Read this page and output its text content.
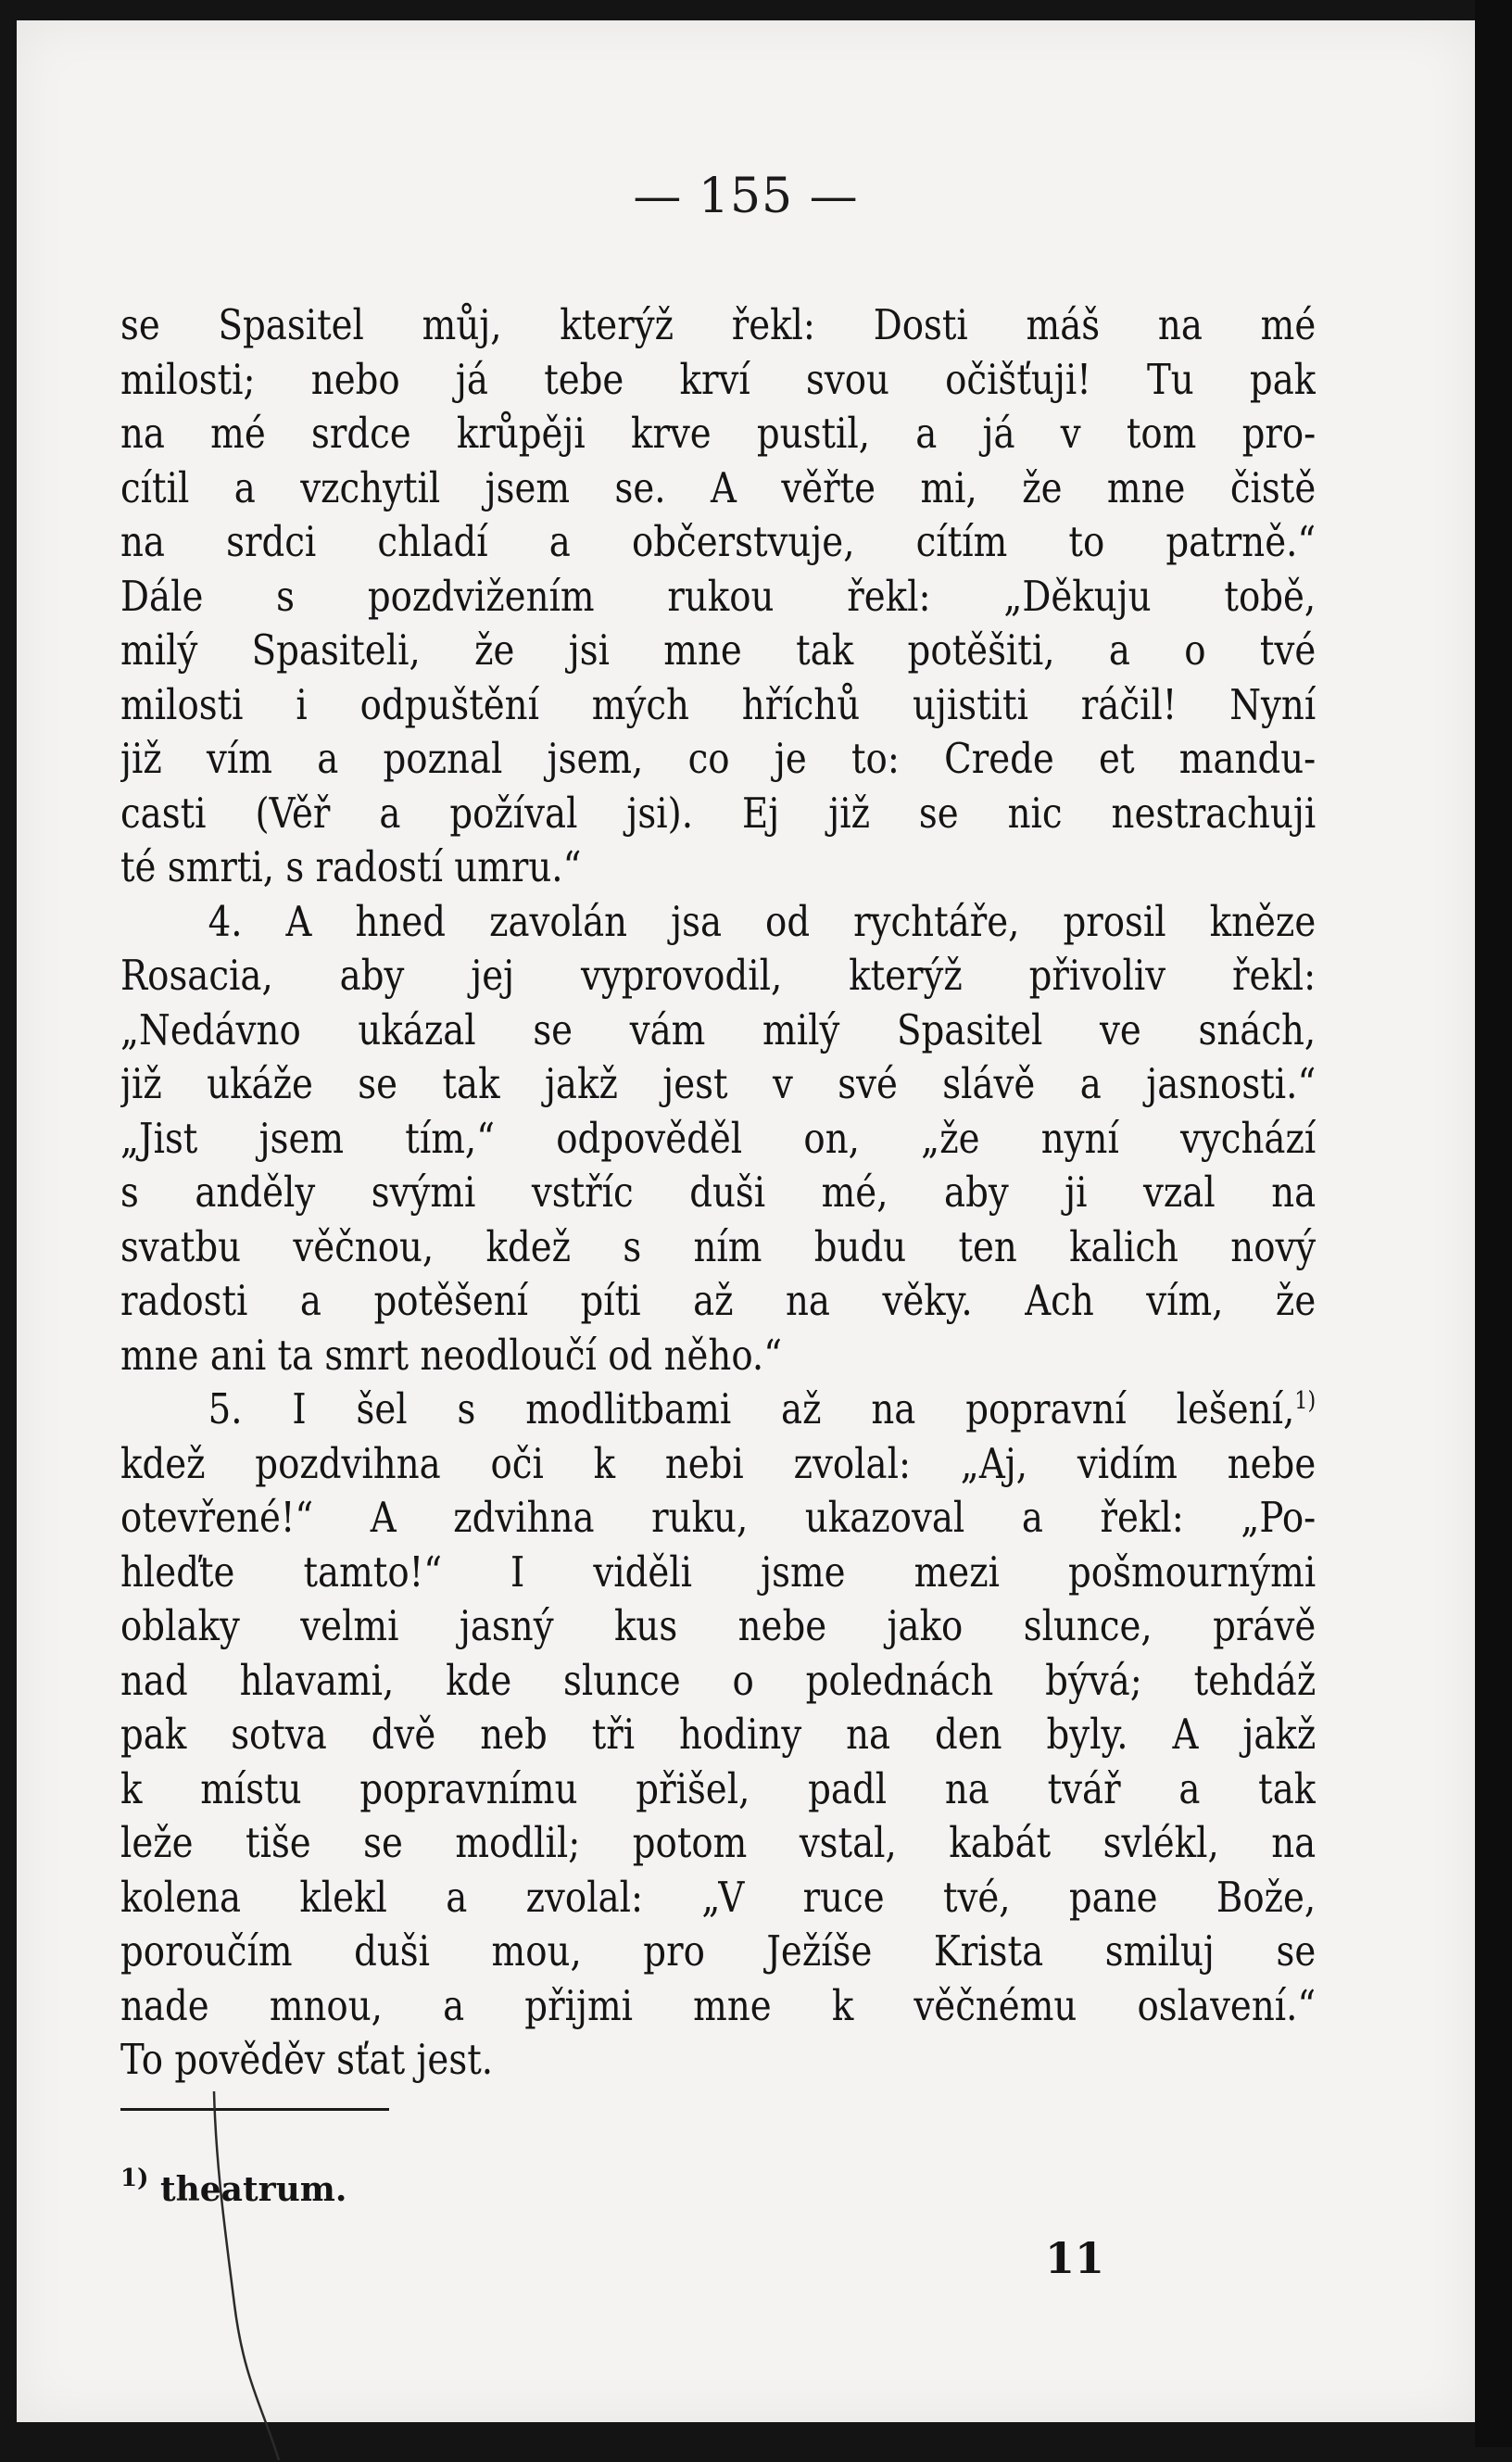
— 155 —
se Spasitel můj, kterýž řekl: Dosti máš na mé
milosti; nebo já tebe krví svou očišťuji! Tu pak
na mé srdce krůpěji krve pustil, a já v tom pro-
cítil a vzchytil jsem se. A věřte mi, že mne čistě
na srdci chladí a občerstvuje, cítím to patrně.“
Dále s pozdvižením rukou řekl: „Děkuju tobě,
milý Spasiteli, že jsi mne tak potěšiti, a o tvé
milosti i odpuštění mých hříchů ujistiti ráčil! Nyní
již vím a poznal jsem, co je to: Crede et mandu-
casti (Věř a požíval jsi). Ej již se nic nestrachuji
té smrti, s radostí umru.“
4. A hned zavolán jsa od rychtáře, prosil kněze
Rosacia, aby jej vyprovodil, kterýž přivoliv řekl:
„Nedávno ukázal se vám milý Spasitel ve snách,
již ukáže se tak jakž jest v své slávě a jasnosti.“
„Jist jsem tím,“ odpověděl on, „že nyní vychází
s anděly svými vstříc duši mé, aby ji vzal na
svatbu věčnou, kdež s ním budu ten kalich nový
radosti a potěšení píti až na věky. Ach vím, že
mne ani ta smrt neodloučí od něho.“
5. I šel s modlitbami až na popravní lešení,$^{1)}$
kdež pozdvihna oči k nebi zvolal: „Aj, vidím nebe
otevřené!“ A zdvihna ruku, ukazoval a řekl: „Po-
hleďte tamto!“ I viděli jsme mezi pošmournými
oblaky velmi jasný kus nebe jako slunce, právě
nad hlavami, kde slunce o polednách bývá; tehdáž
pak sotva dvě neb tři hodiny na den byly. A jakž
k místu popravnímu přišel, padl na tvář a tak
leže tiše se modlil; potom vstal, kabát svlékl, na
kolena klekl a zvolal: „V ruce tvé, pane Bože,
poroučím duši mou, pro Ježíše Krista smiluj se
nade mnou, a přijmi mne k věčnému oslavení.“
To pověděv sťat jest.
$^{1)}$ theatrum.
11
